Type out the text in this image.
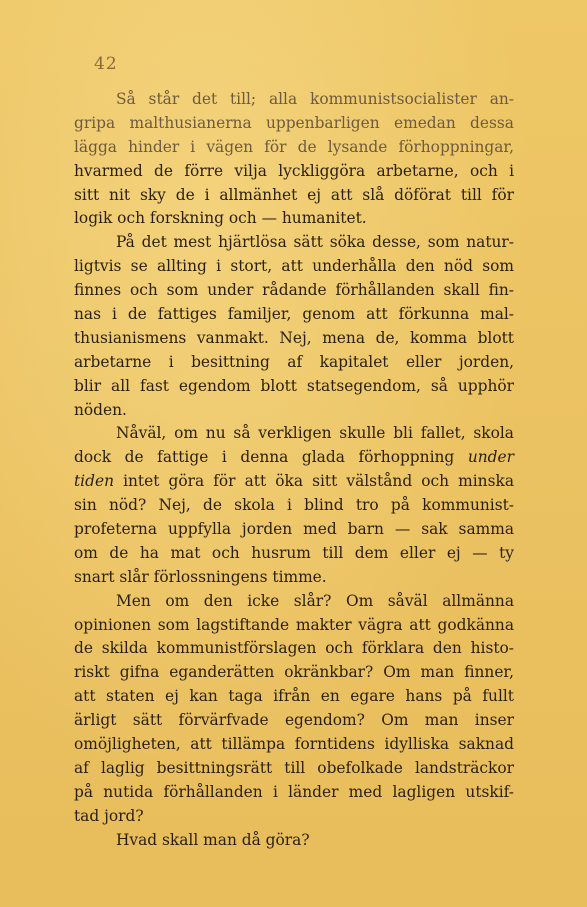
42
Så står det till; alla kommunistsocialister an-
gripa malthusianerna uppenbarligen emedan dessa
lägga hinder i vägen för de lysande förhoppningar,
hvarmed de förre vilja lyckliggöra arbetarne, och i
sitt nit sky de i allmänhet ej att slå döförat till för
logik och forskning och — humanitet.
På det mest hjärtlösa sätt söka desse, som natur-
ligtvis se allting i stort, att underhålla den nöd som
finnes och som under rådande förhållanden skall fin-
nas i de fattiges familjer, genom att förkunna mal-
thusianismens vanmakt. Nej, mena de, komma blott
arbetarne i besittning af kapitalet eller jorden,
blir all fast egendom blott statsegendom, så upphör
nöden.
Nåväl, om nu så verkligen skulle bli fallet, skola
dock de fattige i denna glada förhoppning under
tiden intet göra för att öka sitt välstånd och minska
sin nöd? Nej, de skola i blind tro på kommunist-
profeterna uppfylla jorden med barn — sak samma
om de ha mat och husrum till dem eller ej — ty
snart slår förlossningens timme.
Men om den icke slår? Om såväl allmänna
opinionen som lagstiftande makter vägra att godkänna
de skilda kommunistförslagen och förklara den histo-
riskt gifna eganderätten okränkbar? Om man finner,
att staten ej kan taga ifrån en egare hans på fullt
ärligt sätt förvärfvade egendom? Om man inser
omöjligheten, att tillämpa forntidens idylliska saknad
af laglig besittningsrätt till obefolkade landsträckor
på nutida förhållanden i länder med lagligen utskif-
tad jord?
Hvad skall man då göra?
